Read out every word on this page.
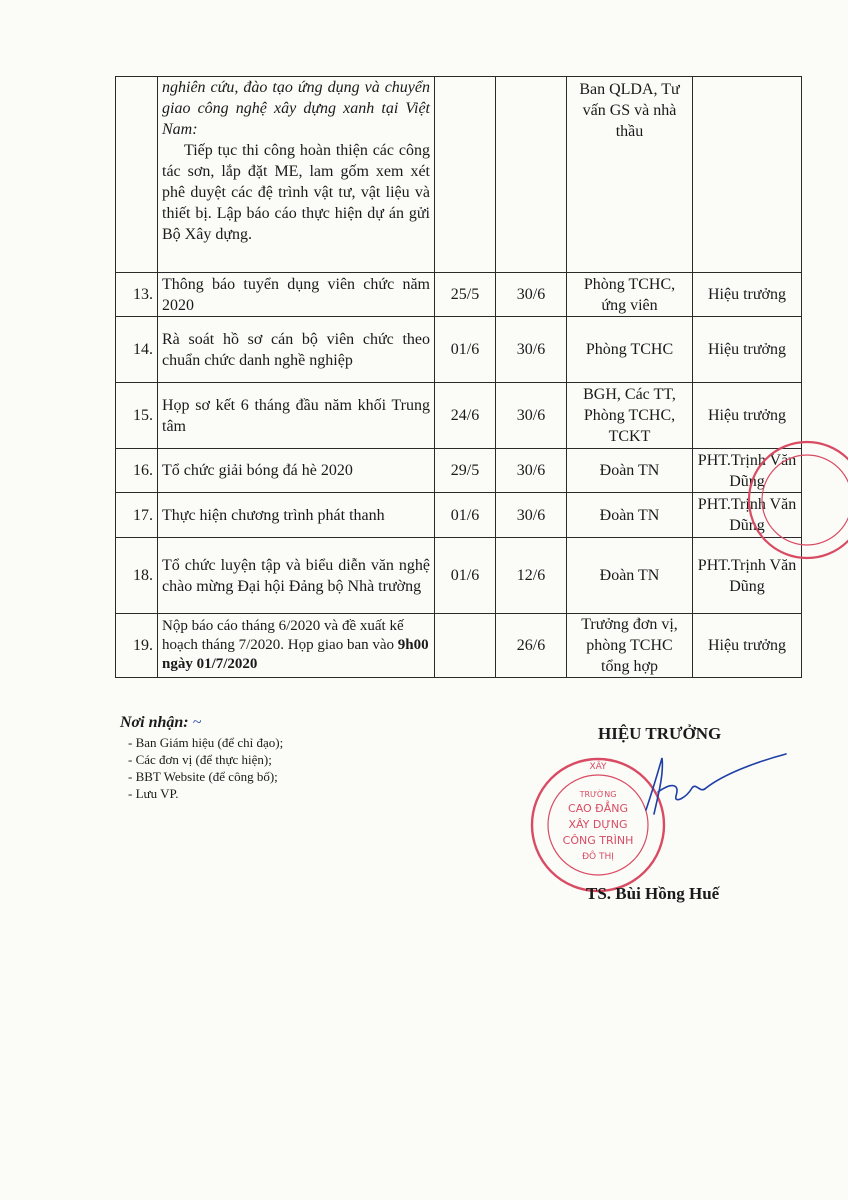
	nghiên cứu, đào tạo ứng dụng và chuyển giao công nghệ xây dựng xanh tại Việt Nam:
Tiếp tục thi công hoàn thiện các công tác sơn, lắp đặt ME, lam gốm xem xét phê duyệt các đệ trình vật tư, vật liệu và thiết bị. Lập báo cáo thực hiện dự án gửi Bộ Xây dựng.			Ban QLDA, Tư vấn GS và nhà thầu	
13.	Thông báo tuyển dụng viên chức năm 2020	25/5	30/6	Phòng TCHC, ứng viên	Hiệu trưởng
14.	Rà soát hồ sơ cán bộ viên chức theo chuẩn chức danh nghề nghiệp	01/6	30/6	Phòng TCHC	Hiệu trưởng
15.	Họp sơ kết 6 tháng đầu năm khối Trung tâm	24/6	30/6	BGH, Các TT, Phòng TCHC, TCKT	Hiệu trưởng
16.	Tổ chức giải bóng đá hè 2020	29/5	30/6	Đoàn TN	PHT.Trịnh Văn Dũng
17.	Thực hiện chương trình phát thanh	01/6	30/6	Đoàn TN	PHT.Trịnh Văn Dũng
18.	Tổ chức luyện tập và biểu diễn văn nghệ chào mừng Đại hội Đảng bộ Nhà trường	01/6	12/6	Đoàn TN	PHT.Trịnh Văn Dũng
19.	Nộp báo cáo tháng 6/2020 và đề xuất kế hoạch tháng 7/2020. Họp giao ban vào 9h00 ngày 01/7/2020		26/6	Trưởng đơn vị, phòng TCHC tổng hợp	Hiệu trưởng
Nơi nhận: ~
- Ban Giám hiệu (để chỉ đạo);
- Các đơn vị (để thực hiện);
- BBT Website (để công bố);
- Lưu VP.
HIỆU TRƯỞNG
XÂY
TRƯỜNG
CAO ĐẲNG
XÂY DỰNG
CÔNG TRÌNH
ĐÔ THỊ
TS. Bùi Hồng Huế
